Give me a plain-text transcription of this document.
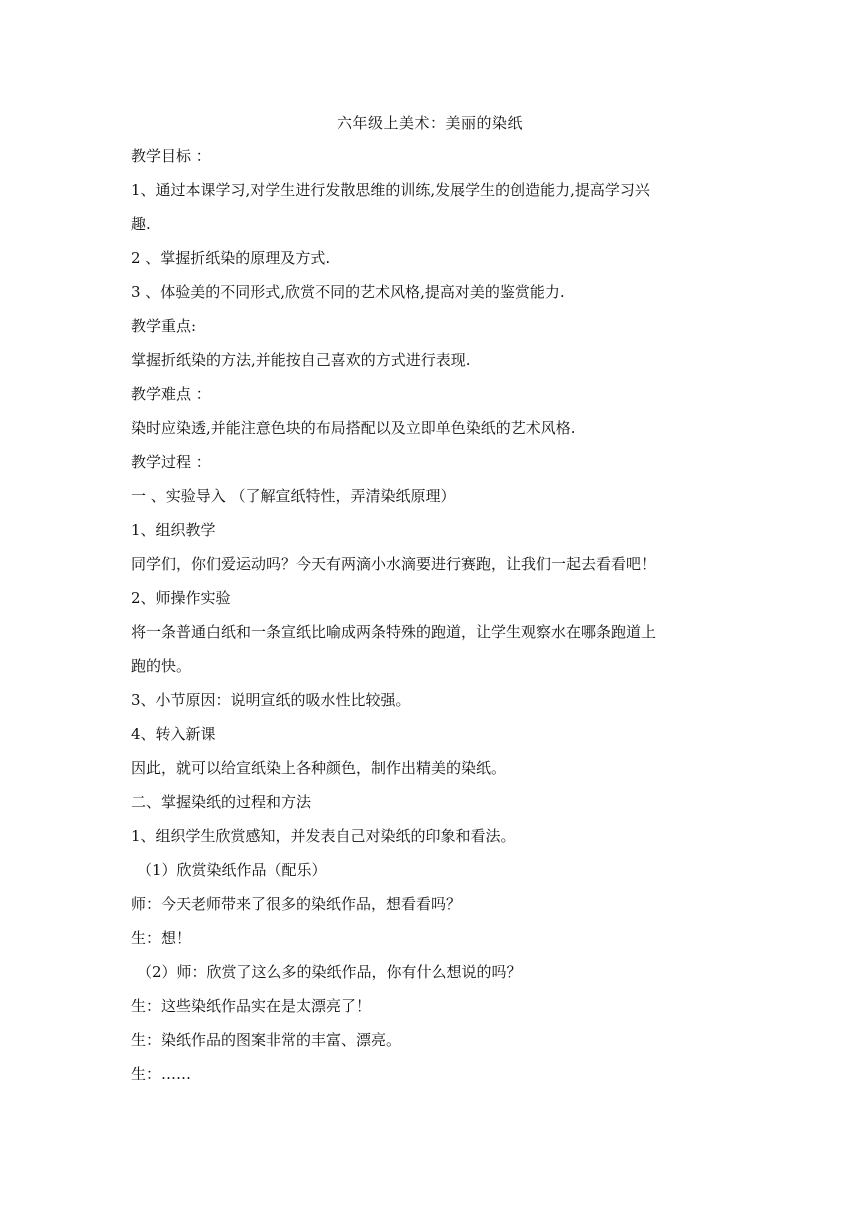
六年级上美术：美丽的染纸
教学目标 ：
1、通过本课学习,对学生进行发散思维的训练,发展学生的创造能力,提高学习兴
趣.
2 、掌握折纸染的原理及方式.
3 、体验美的不同形式,欣赏不同的艺术风格,提高对美的鉴赏能力.
教学重点:
掌握折纸染的方法,并能按自己喜欢的方式进行表现.
教学难点 ：
染时应染透,并能注意色块的布局搭配以及立即单色染纸的艺术风格.
教学过程 ：
一 、实验导入 （了解宣纸特性，弄清染纸原理）
1、组织教学
同学们，你们爱运动吗？今天有两滴小水滴要进行赛跑，让我们一起去看看吧！
2、师操作实验
将一条普通白纸和一条宣纸比喻成两条特殊的跑道，让学生观察水在哪条跑道上
跑的快。
3、小节原因：说明宣纸的吸水性比较强。
4、转入新课
因此，就可以给宣纸染上各种颜色，制作出精美的染纸。
二、掌握染纸的过程和方法
1、组织学生欣赏感知，并发表自己对染纸的印象和看法。
（1）欣赏染纸作品（配乐）
师：今天老师带来了很多的染纸作品，想看看吗？
生：想！
（2）师：欣赏了这么多的染纸作品，你有什么想说的吗？
生：这些染纸作品实在是太漂亮了！
生：染纸作品的图案非常的丰富、漂亮。
生：……
